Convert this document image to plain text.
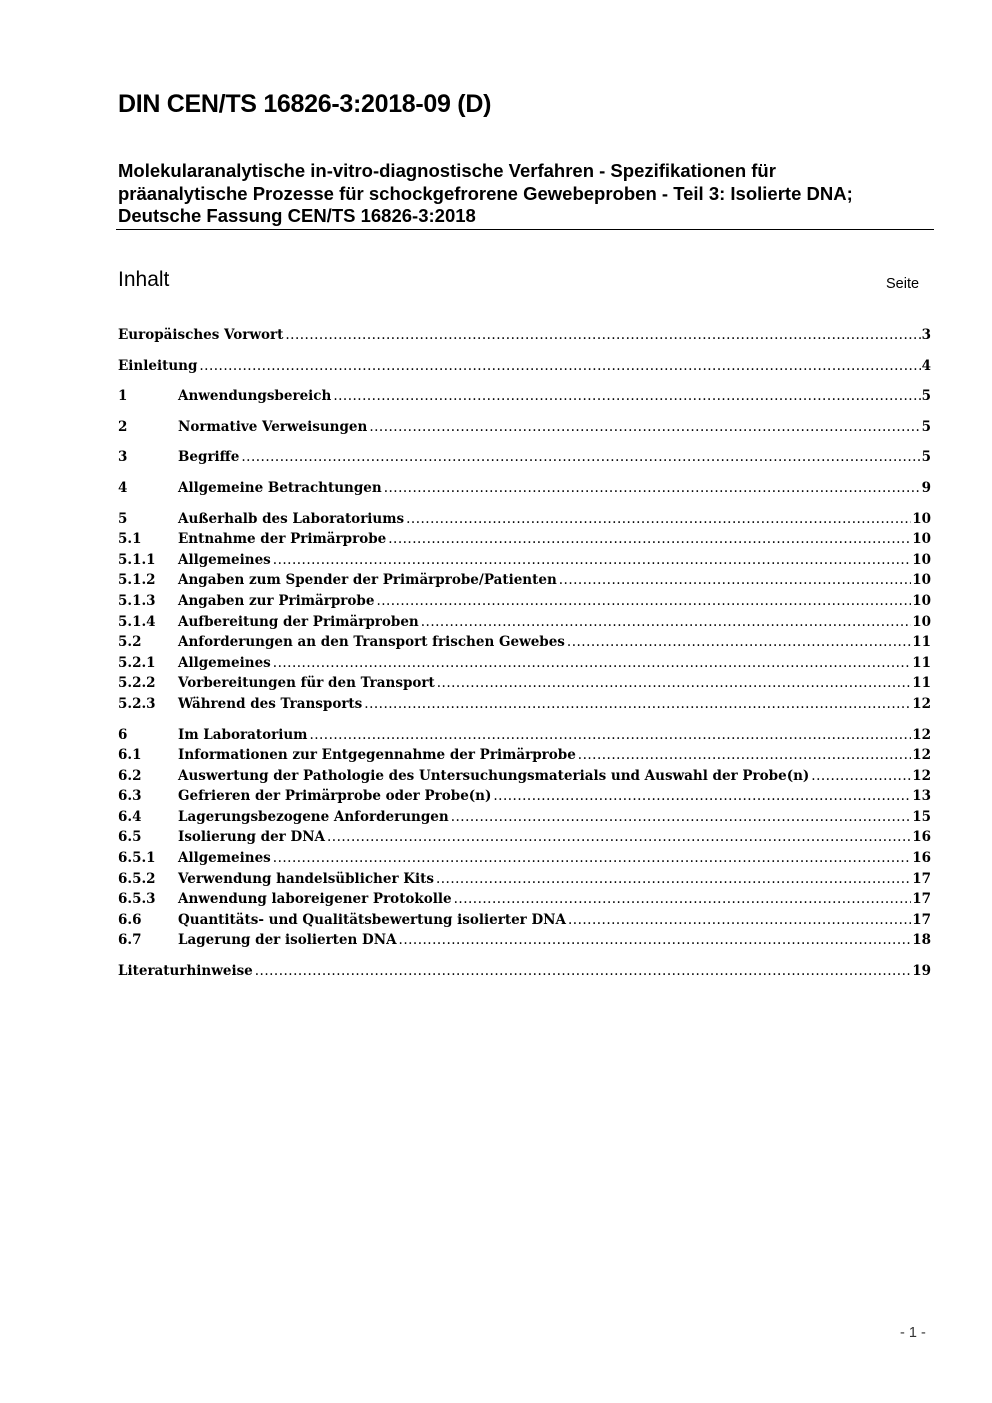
DIN CEN/TS 16826-3:2018-09 (D)
Molekularanalytische in-vitro-diagnostische Verfahren - Spezifikationen für
präanalytische Prozesse für schockgefrorene Gewebeproben - Teil 3: Isolierte DNA;
Deutsche Fassung CEN/TS 16826-3:2018
Inhalt	Seite
Europäisches Vorwort .....	3
Einleitung .....	4
1	Anwendungsbereich .....	5
2	Normative Verweisungen .....	5
3	Begriffe .....	5
4	Allgemeine Betrachtungen .....	9
5	Außerhalb des Laboratoriums .....	10
5.1	Entnahme der Primärprobe .....	10
5.1.1	Allgemeines .....	10
5.1.2	Angaben zum Spender der Primärprobe/Patienten .....	10
5.1.3	Angaben zur Primärprobe .....	10
5.1.4	Aufbereitung der Primärproben .....	10
5.2	Anforderungen an den Transport frischen Gewebes .....	11
5.2.1	Allgemeines .....	11
5.2.2	Vorbereitungen für den Transport .....	11
5.2.3	Während des Transports .....	12
6	Im Laboratorium .....	12
6.1	Informationen zur Entgegennahme der Primärprobe .....	12
6.2	Auswertung der Pathologie des Untersuchungsmaterials und Auswahl der Probe(n) .....	12
6.3	Gefrieren der Primärprobe oder Probe(n) .....	13
6.4	Lagerungsbezogene Anforderungen .....	15
6.5	Isolierung der DNA .....	16
6.5.1	Allgemeines .....	16
6.5.2	Verwendung handelsüblicher Kits .....	17
6.5.3	Anwendung laboreigener Protokolle .....	17
6.6	Quantitäts- und Qualitätsbewertung isolierter DNA .....	17
6.7	Lagerung der isolierten DNA .....	18
Literaturhinweise .....	19
- 1 -
